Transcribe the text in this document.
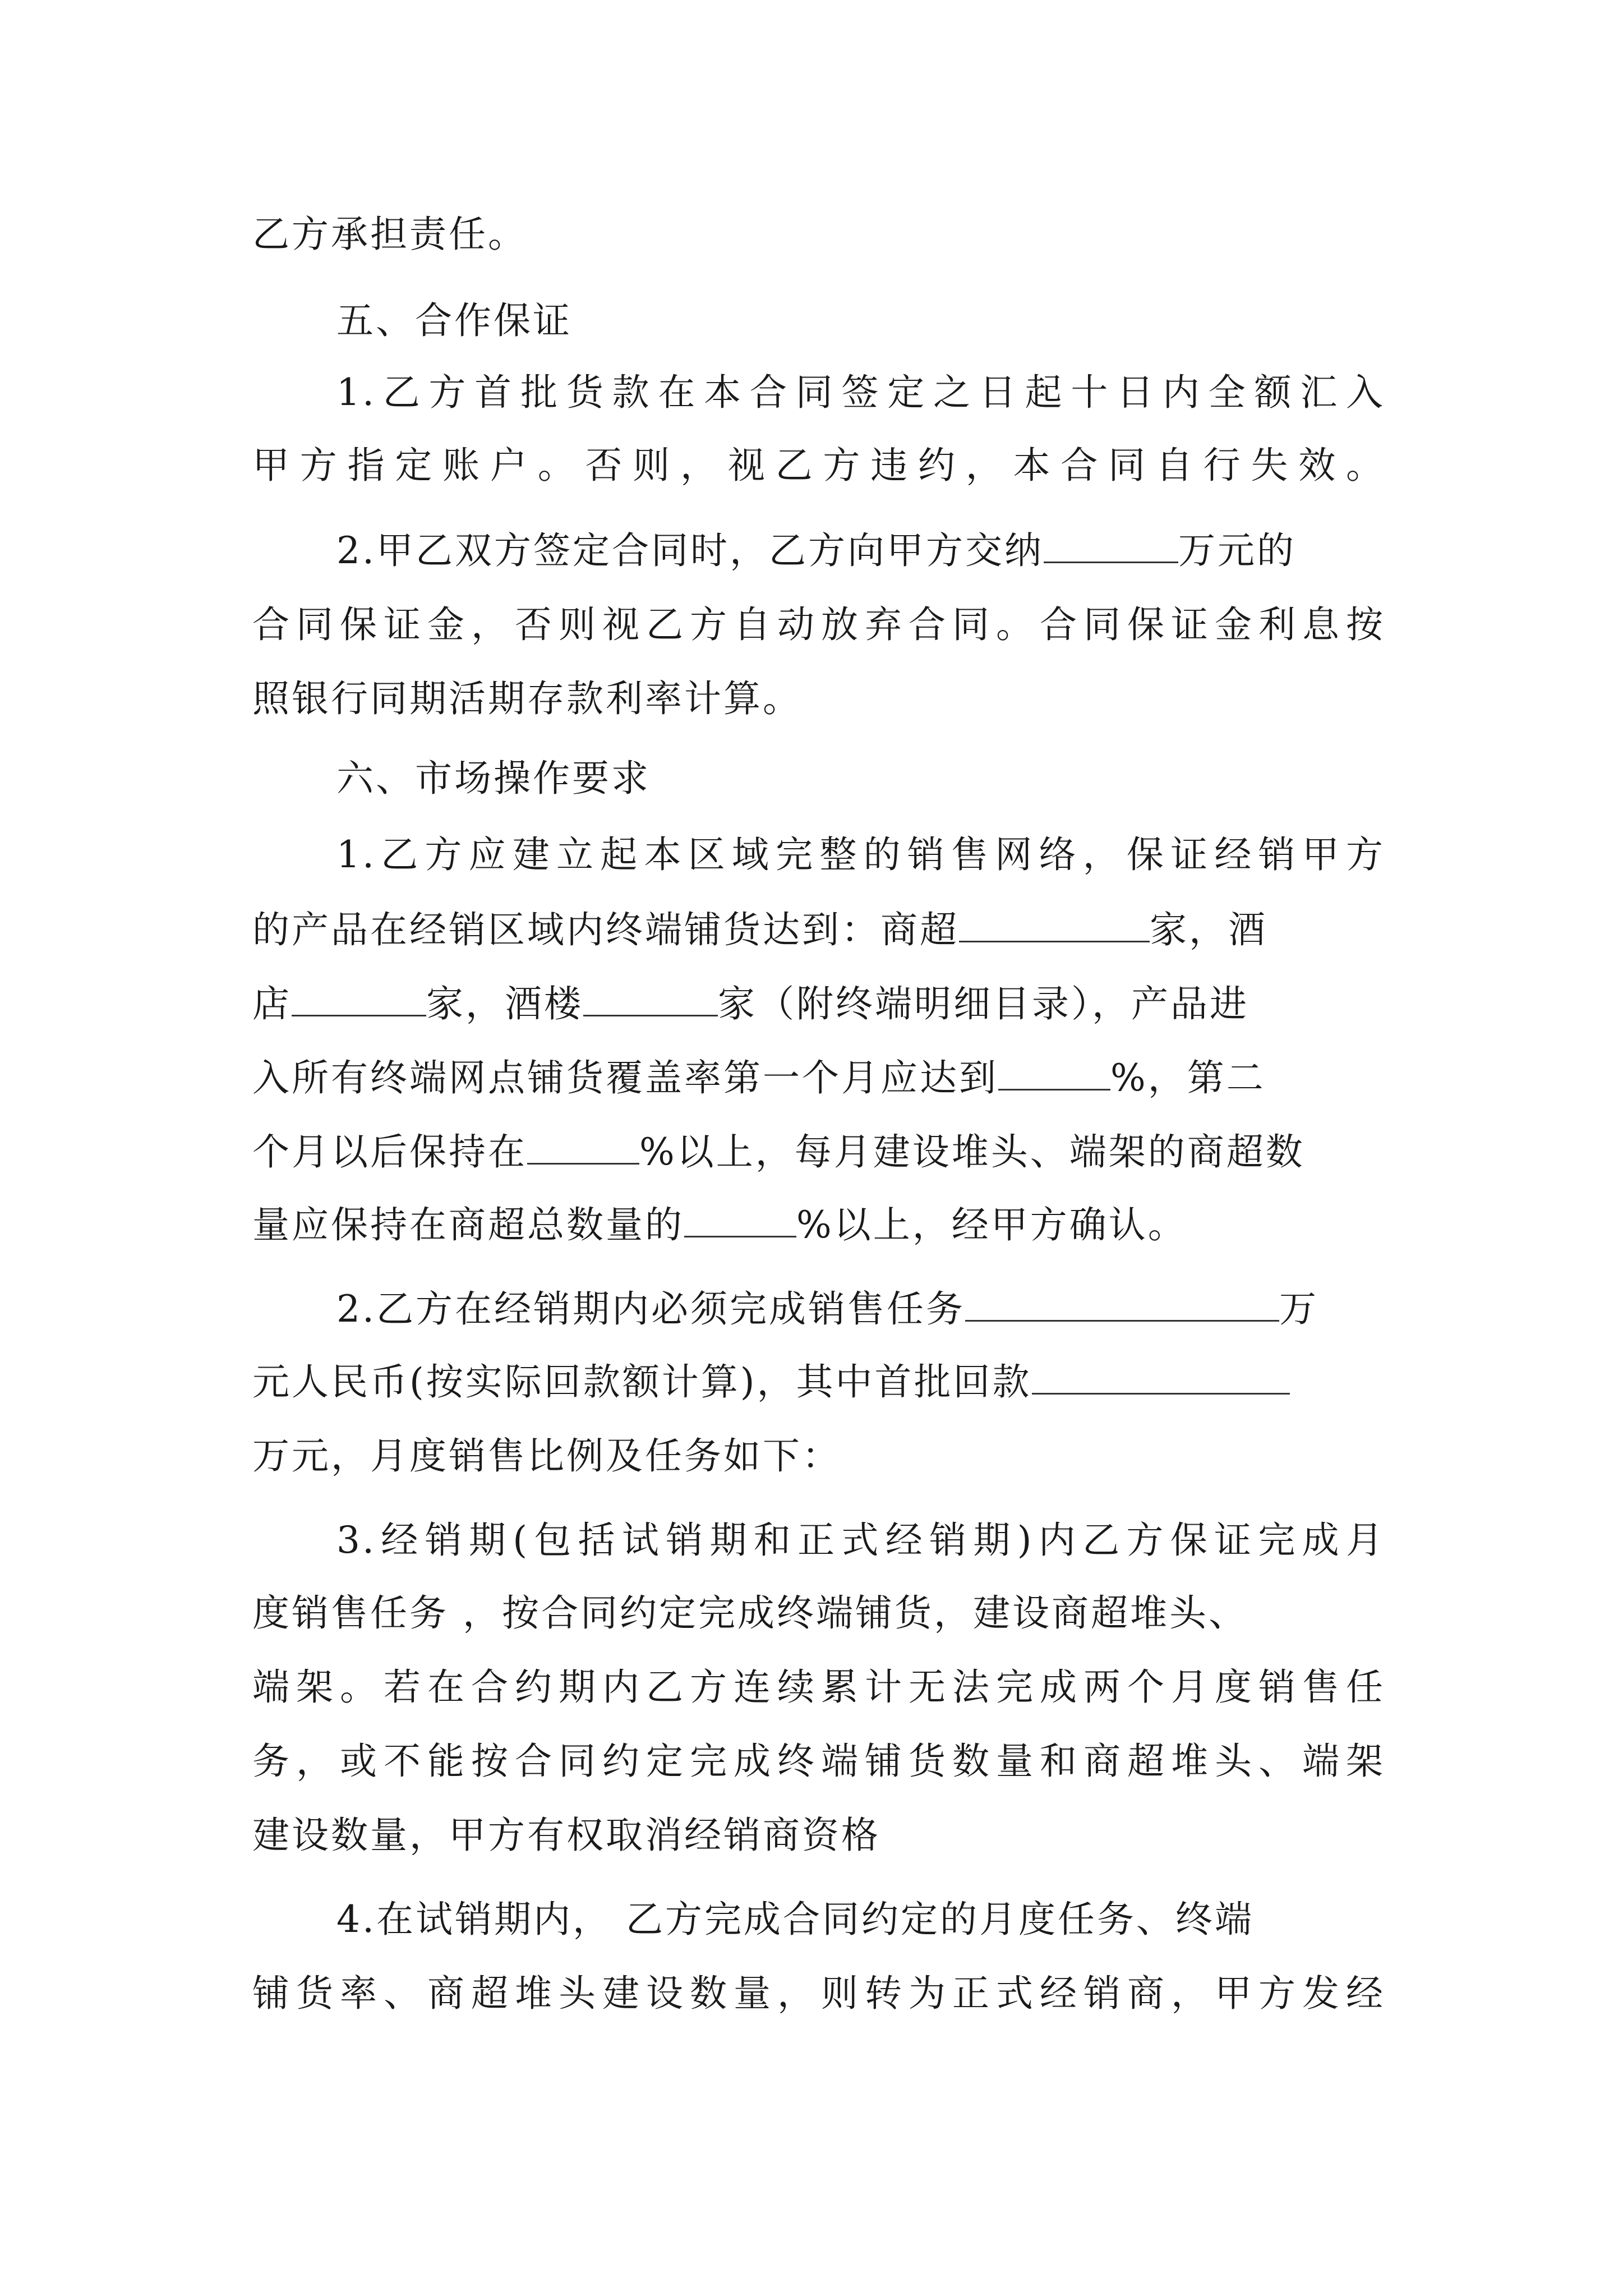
乙方承担责任。
五、合作保证
1.乙方首批货款在本合同签定之日起十日内全额汇入
甲方指定账户。否则，视乙方违约，本合同自行失效。
2.甲乙双方签定合同时，乙方向甲方交纳	万元的
合同保证金，否则视乙方自动放弃合同。合同保证金利息按
照银行同期活期存款利率计算。
六、市场操作要求
1.乙方应建立起本区域完整的销售网络，保证经销甲方
的产品在经销区域内终端铺货达到：商超	家，酒
店	家，酒楼	家（附终端明细目录），产品进
入所有终端网点铺货覆盖率第一个月应达到	%，第二
个月以后保持在	%以上，每月建设堆头、端架的商超数
量应保持在商超总数量的	%以上，经甲方确认。
2.乙方在经销期内必须完成销售任务	万
元人民币(按实际回款额计算)，其中首批回款
万元，月度销售比例及任务如下：
3.经销期(包括试销期和正式经销期)内乙方保证完成月
度销售任务 ，按合同约定完成终端铺货，建设商超堆头、
端架。若在合约期内乙方连续累计无法完成两个月度销售任
务，或不能按合同约定完成终端铺货数量和商超堆头、端架
建设数量，甲方有权取消经销商资格
4.在试销期内， 乙方完成合同约定的月度任务、终端
铺货率、商超堆头建设数量，则转为正式经销商，甲方发经
